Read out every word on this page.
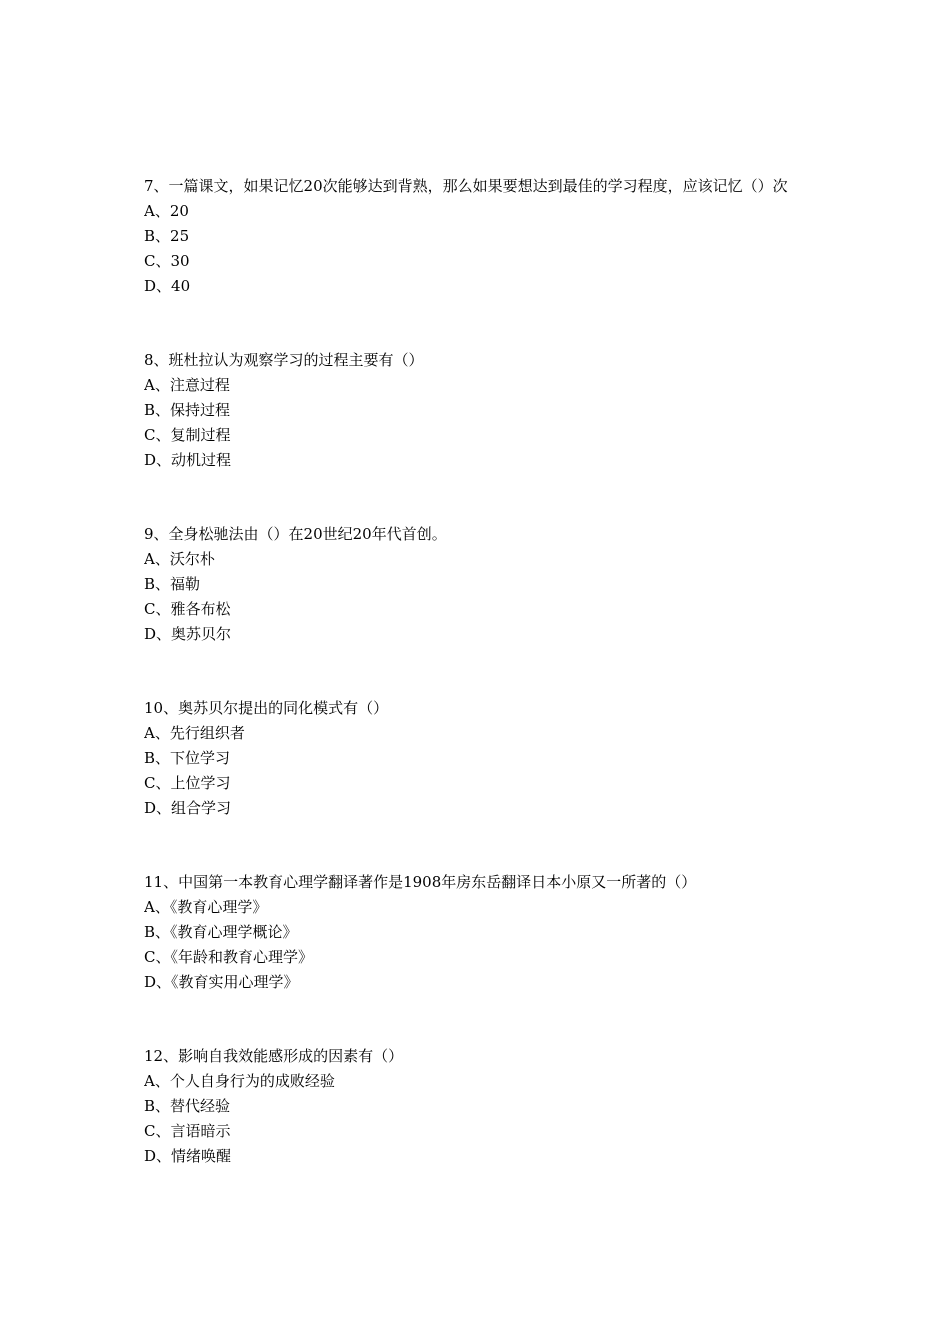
7、一篇课文，如果记忆20次能够达到背熟，那么如果要想达到最佳的学习程度，应该记忆（）次
A、20
B、25
C、30
D、40
8、班杜拉认为观察学习的过程主要有（）
A、注意过程
B、保持过程
C、复制过程
D、动机过程
9、全身松驰法由（）在20世纪20年代首创。
A、沃尔朴
B、福勒
C、雅各布松
D、奥苏贝尔
10、奥苏贝尔提出的同化模式有（）
A、先行组织者
B、下位学习
C、上位学习
D、组合学习
11、中国第一本教育心理学翻译著作是1908年房东岳翻译日本小原又一所著的（）
A、《教育心理学》
B、《教育心理学概论》
C、《年龄和教育心理学》
D、《教育实用心理学》
12、影响自我效能感形成的因素有（）
A、个人自身行为的成败经验
B、替代经验
C、言语暗示
D、情绪唤醒
